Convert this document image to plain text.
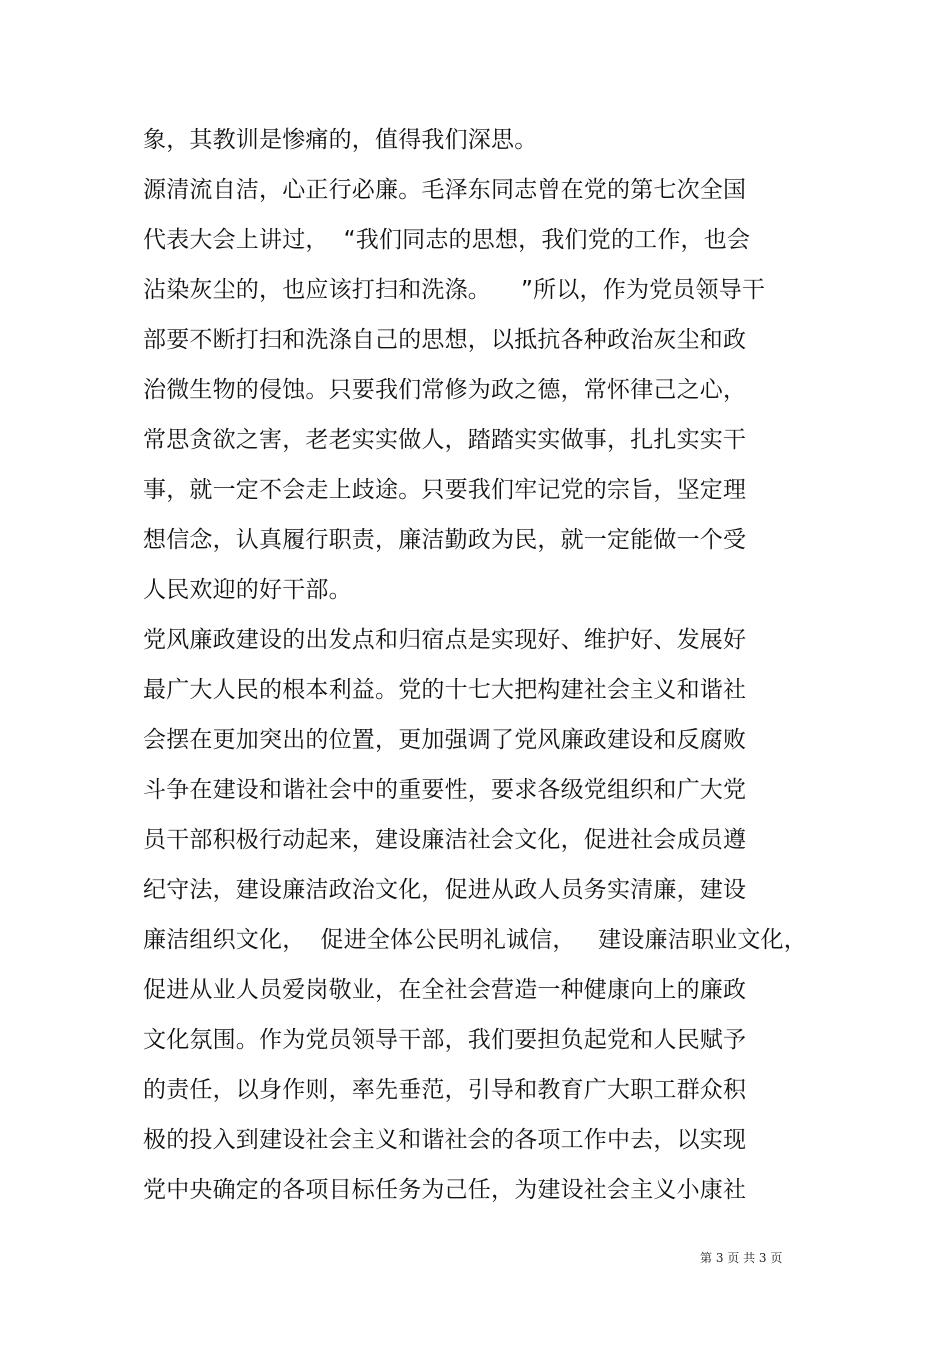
象，其教训是惨痛的，值得我们深思。
源清流自洁，心正行必廉。毛泽东同志曾在党的第七次全国
代表大会上讲过，  “我们同志的思想，我们党的工作，也会
沾染灰尘的，也应该打扫和洗涤。    ”所以，作为党员领导干
部要不断打扫和洗涤自己的思想，以抵抗各种政治灰尘和政
治微生物的侵蚀。只要我们常修为政之德，常怀律己之心，
常思贪欲之害，老老实实做人，踏踏实实做事，扎扎实实干
事，就一定不会走上歧途。只要我们牢记党的宗旨，坚定理
想信念，认真履行职责，廉洁勤政为民，就一定能做一个受
人民欢迎的好干部。
党风廉政建设的出发点和归宿点是实现好、维护好、发展好
最广大人民的根本利益。党的十七大把构建社会主义和谐社
会摆在更加突出的位置，更加强调了党风廉政建设和反腐败
斗争在建设和谐社会中的重要性，要求各级党组织和广大党
员干部积极行动起来，建设廉洁社会文化，促进社会成员遵
纪守法，建设廉洁政治文化，促进从政人员务实清廉，建设
廉洁组织文化，  促进全体公民明礼诚信，   建设廉洁职业文化，
促进从业人员爱岗敬业，在全社会营造一种健康向上的廉政
文化氛围。作为党员领导干部，我们要担负起党和人民赋予
的责任，以身作则，率先垂范，引导和教育广大职工群众积
极的投入到建设社会主义和谐社会的各项工作中去，以实现
党中央确定的各项目标任务为己任，为建设社会主义小康社
第 3 页 共 3 页
